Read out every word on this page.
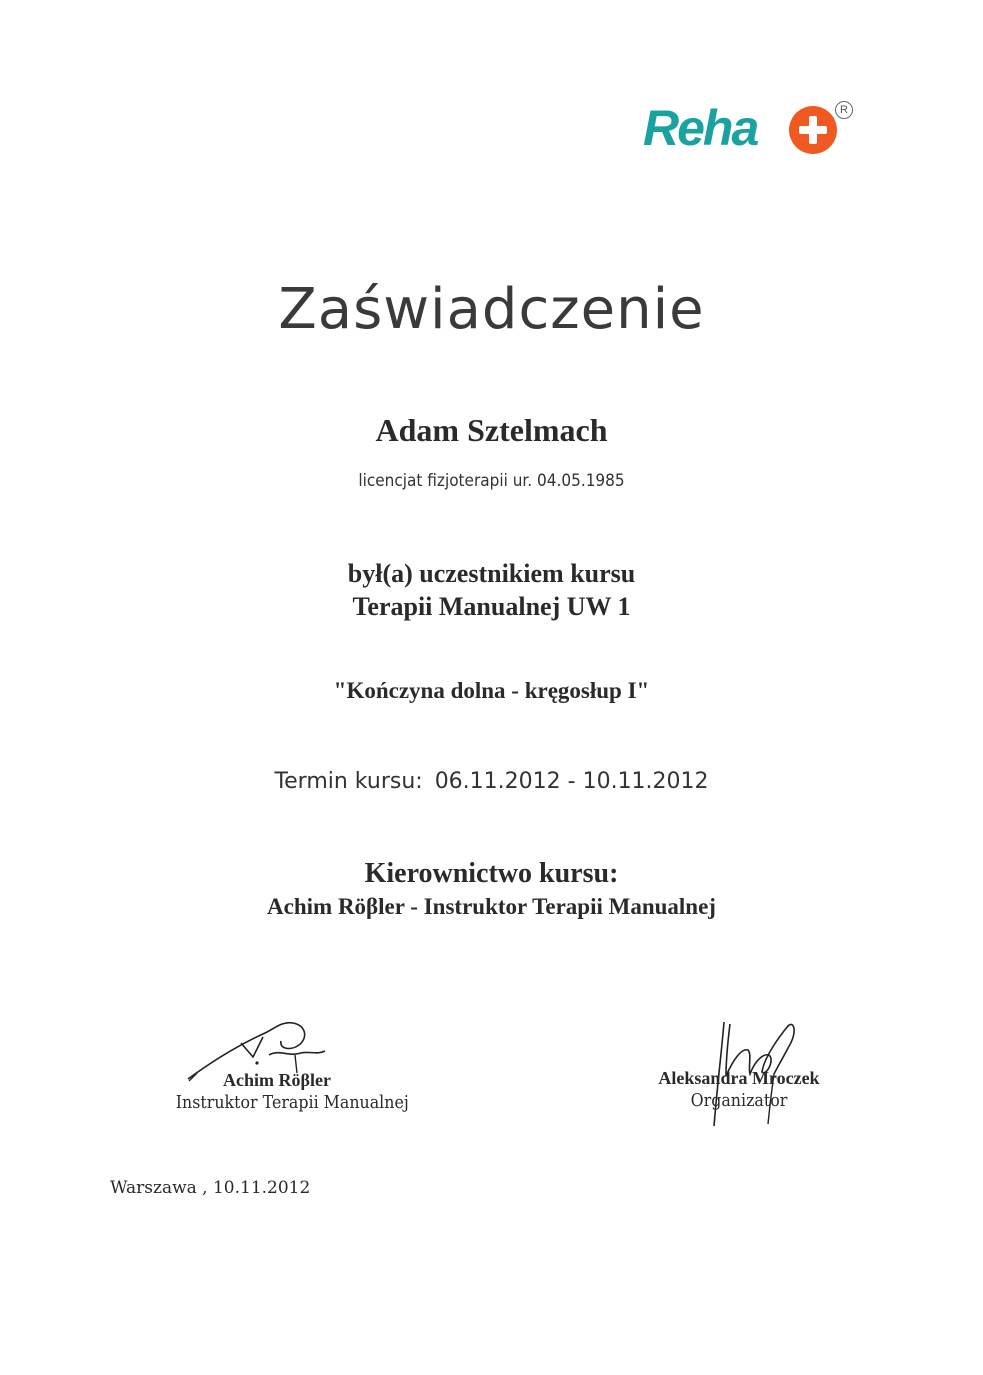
Reha	R
Zaświadczenie
Adam Sztelmach
licencjat fizjoterapii ur. 04.05.1985
był(a) uczestnikiem kursu
Terapii Manualnej UW 1
"Kończyna dolna - kręgosłup I"
Termin kursu: 06.11.2012 - 10.11.2012
Kierownictwo kursu:
Achim Röβler - Instruktor Terapii Manualnej
Achim Röβler
Instruktor Terapii Manualnej
Aleksandra Mroczek
Organizator
Warszawa , 10.11.2012
